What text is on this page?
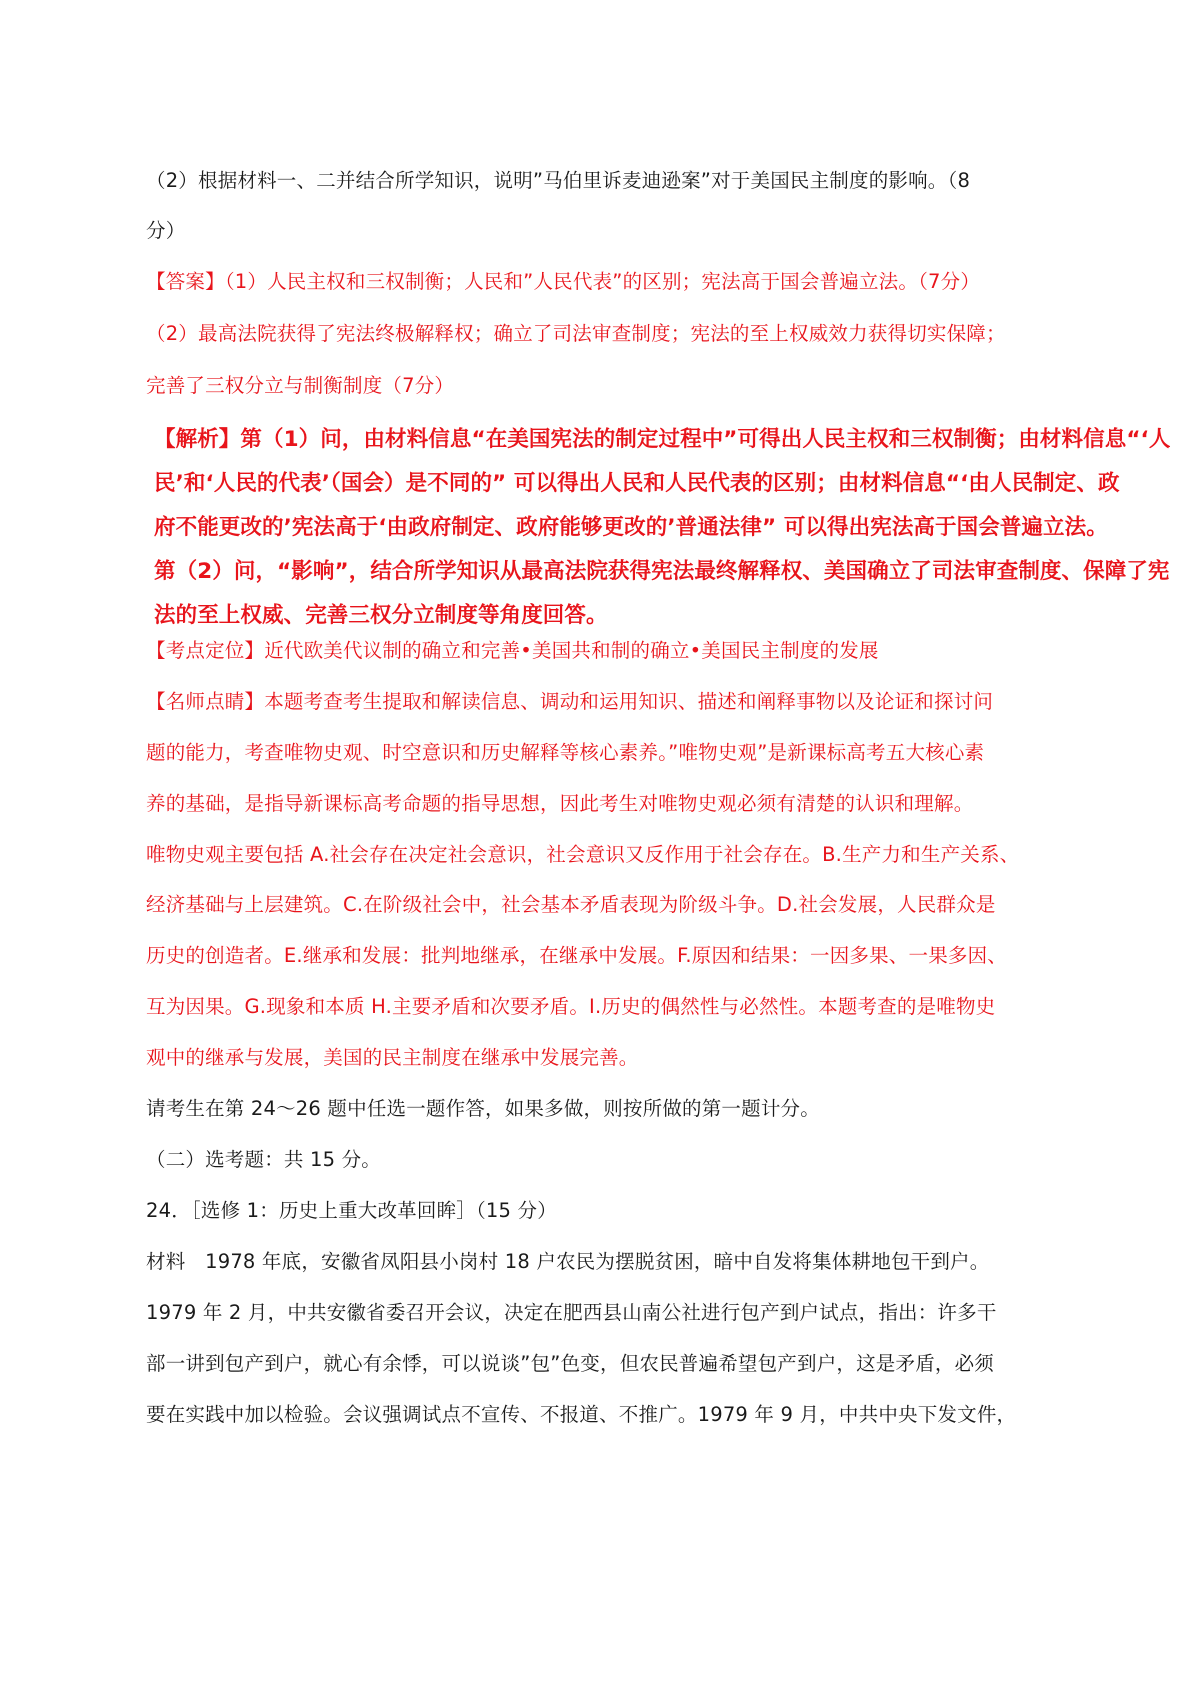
（2）根据材料一、二并结合所学知识，说明”马伯里诉麦迪逊案”对于美国民主制度的影响。（8
分）
【答案】（1）人民主权和三权制衡；人民和”人民代表”的区别；宪法高于国会普遍立法。（7分）
（2）最高法院获得了宪法终极解释权；确立了司法审查制度；宪法的至上权威效力获得切实保障；
完善了三权分立与制衡制度（7分）
【解析】第（1）问，由材料信息“在美国宪法的制定过程中”可得出人民主权和三权制衡；由材料信息“‘人
民’和‘人民的代表’（国会）是不同的” 可以得出人民和人民代表的区别；由材料信息“‘由人民制定、政
府不能更改的’宪法高于‘由政府制定、政府能够更改的’普通法律” 可以得出宪法高于国会普遍立法。
第（2）问，“影响”，结合所学知识从最高法院获得宪法最终解释权、美国确立了司法审查制度、保障了宪
法的至上权威、完善三权分立制度等角度回答。
【考点定位】近代欧美代议制的确立和完善•美国共和制的确立•美国民主制度的发展
【名师点睛】本题考查考生提取和解读信息、调动和运用知识、描述和阐释事物以及论证和探讨问
题的能力，考查唯物史观、时空意识和历史解释等核心素养。”唯物史观”是新课标高考五大核心素
养的基础，是指导新课标高考命题的指导思想，因此考生对唯物史观必须有清楚的认识和理解。
唯物史观主要包括 A.社会存在决定社会意识，社会意识又反作用于社会存在。B.生产力和生产关系、
经济基础与上层建筑。C.在阶级社会中，社会基本矛盾表现为阶级斗争。D.社会发展，人民群众是
历史的创造者。E.继承和发展：批判地继承，在继承中发展。F.原因和结果：一因多果、一果多因、
互为因果。G.现象和本质 H.主要矛盾和次要矛盾。I.历史的偶然性与必然性。本题考查的是唯物史
观中的继承与发展，美国的民主制度在继承中发展完善。
请考生在第 24～26 题中任选一题作答，如果多做，则按所做的第一题计分。
（二）选考题：共 15 分。
24．［选修 1：历史上重大改革回眸］（15 分）
材料　1978 年底，安徽省凤阳县小岗村 18 户农民为摆脱贫困，暗中自发将集体耕地包干到户。
1979 年 2 月，中共安徽省委召开会议，决定在肥西县山南公社进行包产到户试点，指出：许多干
部一讲到包产到户，就心有余悸，可以说谈”包”色变，但农民普遍希望包产到户，这是矛盾，必须
要在实践中加以检验。会议强调试点不宣传、不报道、不推广。1979 年 9 月，中共中央下发文件，
